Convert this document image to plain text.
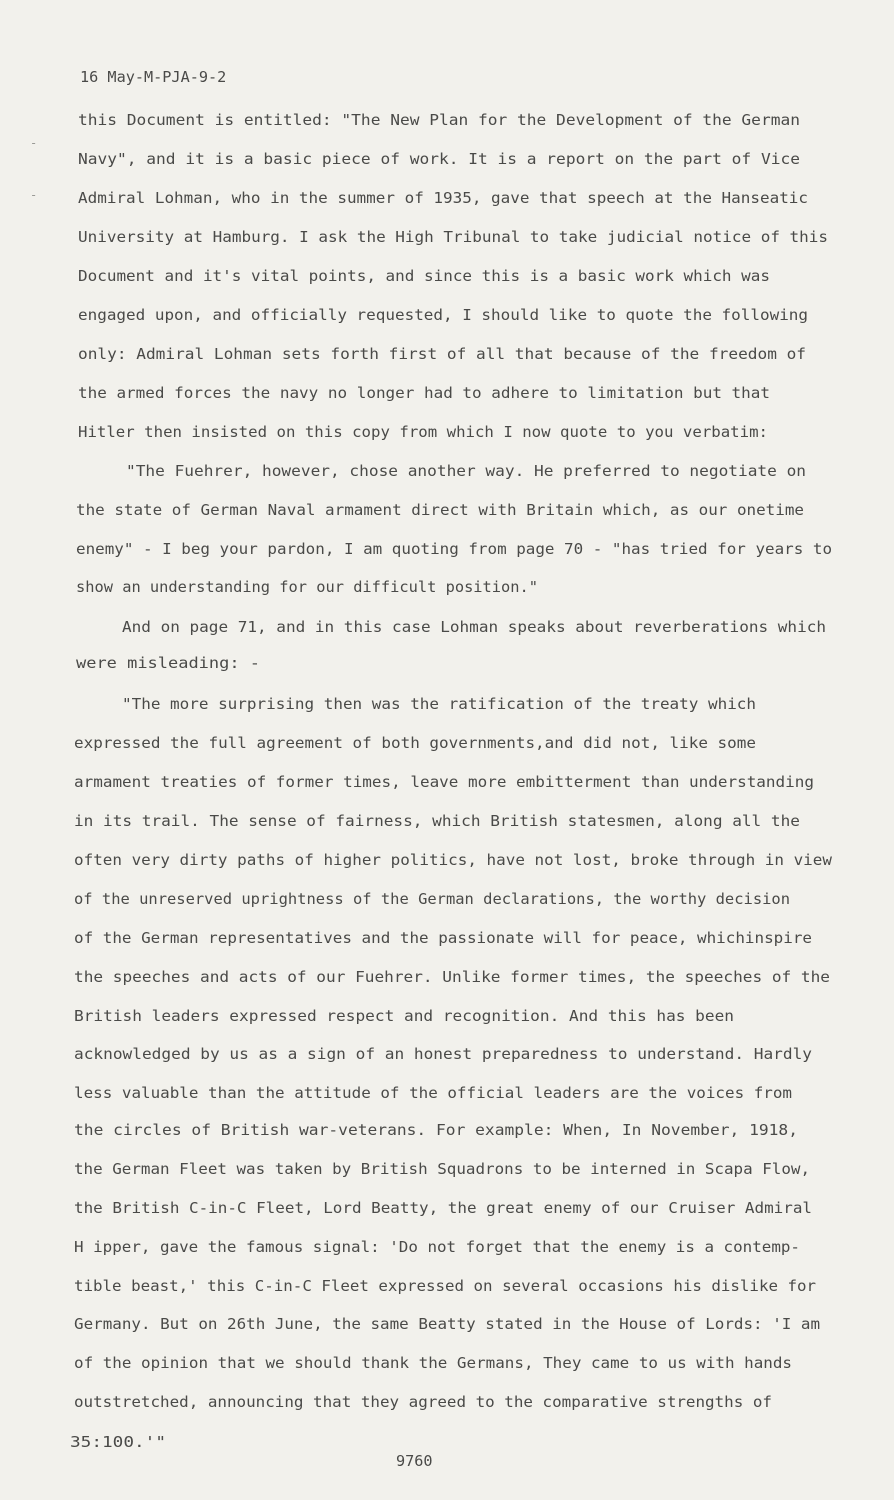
16 May-M-PJA-9-2
-
-
this Document is entitled: "The New Plan for the Development of the German
Navy", and it is a basic piece of work. It is a report on the part of Vice
Admiral Lohman, who in the summer of 1935, gave that speech at the Hanseatic
University at Hamburg. I ask the High Tribunal to take judicial notice of this
Document and it's vital points, and since this is a basic work which was
engaged upon, and officially requested, I should like to quote the following
only: Admiral Lohman sets forth first of all that because of the freedom of
the armed forces the navy no longer had to adhere to limitation but that
Hitler then insisted on this copy from which I now quote to you verbatim:
"The Fuehrer, however, chose another way. He preferred to negotiate on
the state of German Naval armament direct with Britain which, as our onetime
enemy" - I beg your pardon, I am quoting from page 70 - "has tried for years to
show an understanding for our difficult position."
And on page 71, and in this case Lohman speaks about reverberations which
were misleading: -
"The more surprising then was the ratification of the treaty which
expressed the full agreement of both governments,and did not, like some
armament treaties of former times, leave more embitterment than understanding
in its trail. The sense of fairness, which British statesmen, along all the
often very dirty paths of higher politics, have not lost, broke through in view
of the unreserved uprightness of the German declarations, the worthy decision
of the German representatives and the passionate will for peace, whichinspire
the speeches and acts of our Fuehrer. Unlike former times, the speeches of the
British leaders expressed respect and recognition. And this has been
acknowledged by us as a sign of an honest preparedness to understand. Hardly
less valuable than the attitude of the official leaders are the voices from
the circles of British war-veterans. For example: When, In November, 1918,
the German Fleet was taken by British Squadrons to be interned in Scapa Flow,
the British C-in-C Fleet, Lord Beatty, the great enemy of our Cruiser Admiral
H ipper, gave the famous signal: 'Do not forget that the enemy is a contemp-
tible beast,' this C-in-C Fleet expressed on several occasions his dislike for
Germany. But on 26th June, the same Beatty stated in the House of Lords: 'I am
of the opinion that we should thank the Germans, They came to us with hands
outstretched, announcing that they agreed to the comparative strengths of
35:100.'"
9760
